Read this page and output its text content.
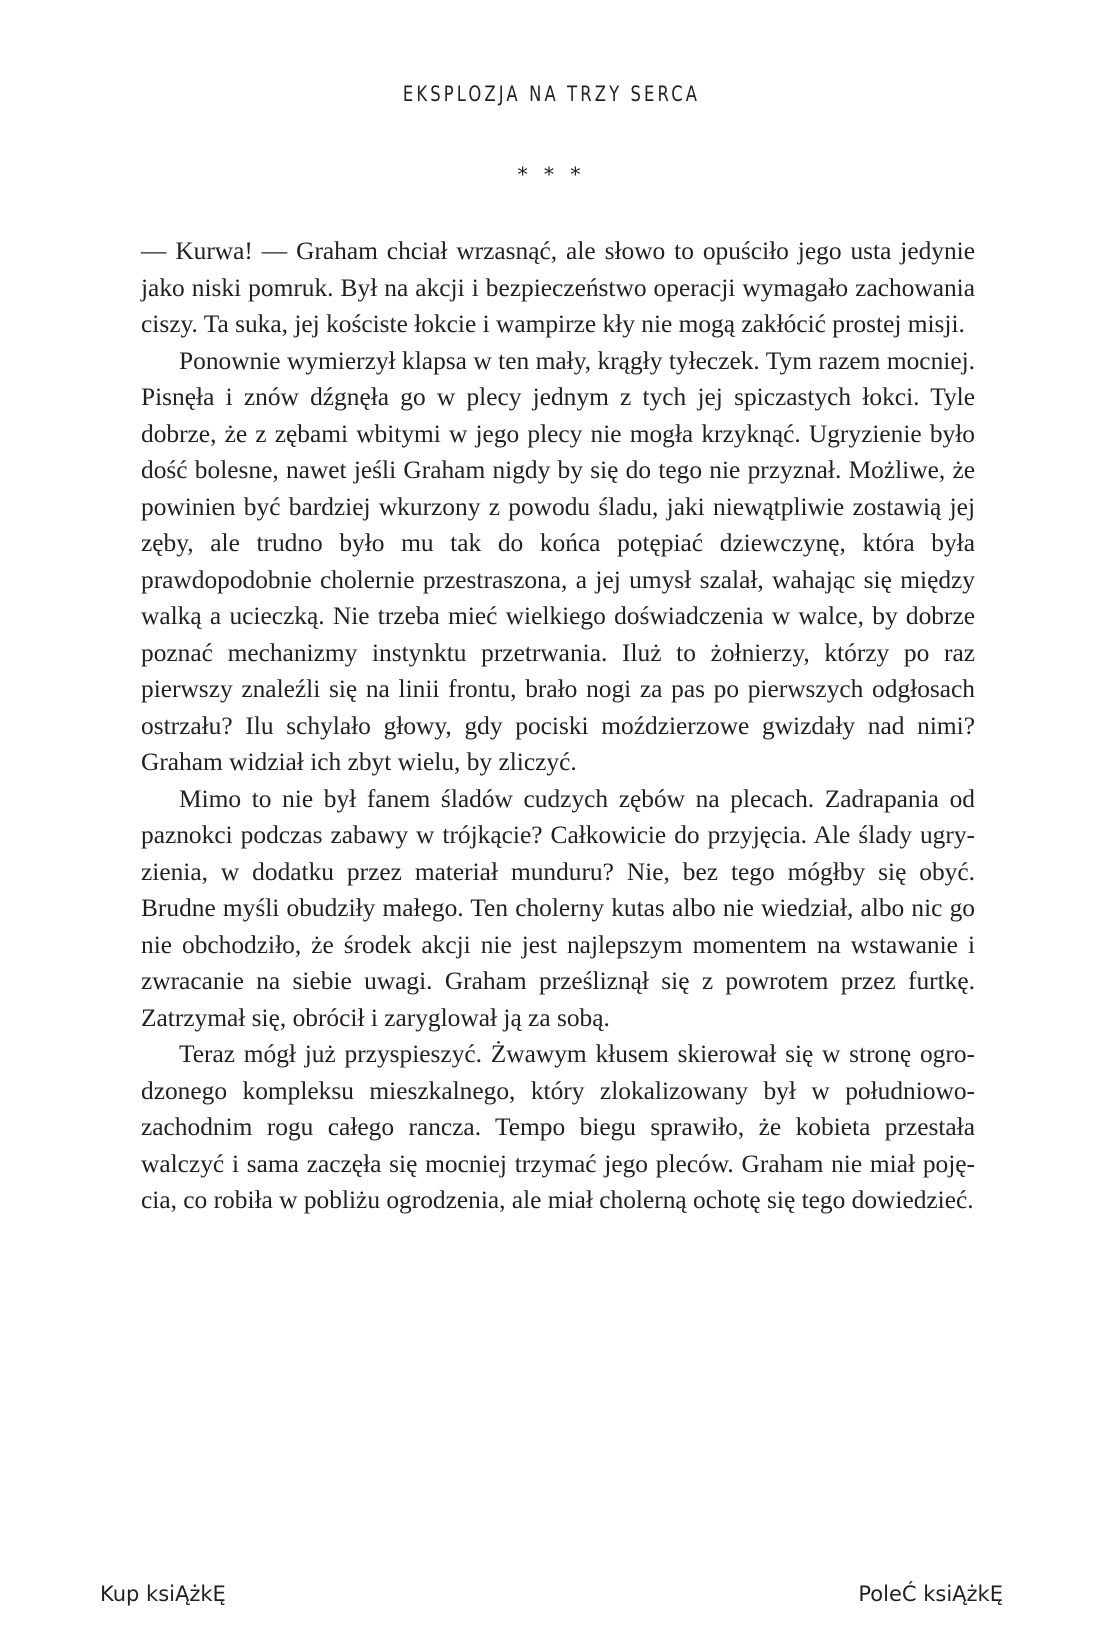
EKSPLOZJA NA TRZY SERCA
* * *

— Kurwa! — Graham chciał wrzasnąć, ale słowo to opuściło jego usta jedynie jako niski pomruk. Był na akcji i bezpieczeństwo operacji wymagało zachowania ciszy. Ta suka, jej kościste łokcie i wampirze kły nie mogą zakłócić prostej misji.

Ponownie wymierzył klapsa w ten mały, krągły tyłeczek. Tym razem mocniej. Pisnęła i znów dźgnęła go w plecy jednym z tych jej spiczastych łokci. Tyle dobrze, że z zębami wbitymi w jego plecy nie mogła krzyknąć. Ugryzienie było dość bolesne, nawet jeśli Graham nigdy by się do tego nie przyznał. Możliwe, że powinien być bardziej wkurzony z powodu śladu, jaki niewątpliwie zostawią jej zęby, ale trudno było mu tak do końca potępiać dziewczynę, która była prawdopodobnie cholernie przestraszona, a jej umysł szalał, wahając się między walką a ucieczką. Nie trzeba mieć wielkiego doświadczenia w walce, by dobrze poznać mechanizmy instynktu przetrwania. Iluż to żołnierzy, którzy po raz pierwszy znaleźli się na linii frontu, brało nogi za pas po pierwszych odgłosach ostrzału? Ilu schylało głowy, gdy pociski moździerzowe gwizdały nad nimi? Graham widział ich zbyt wielu, by zliczyć.

Mimo to nie był fanem śladów cudzych zębów na plecach. Zadrapania od paznokci podczas zabawy w trójkącie? Całkowicie do przyjęcia. Ale ślady ugryzienia, w dodatku przez materiał munduru? Nie, bez tego mógłby się obyć. Brudne myśli obudziły małego. Ten cholerny kutas albo nie wiedział, albo nic go nie obchodziło, że środek akcji nie jest najlepszym momentem na wstawanie i zwracanie na siebie uwagi. Graham prześliznął się z powrotem przez furtkę. Zatrzymał się, obrócił i zaryglował ją za sobą.

Teraz mógł już przyspieszyć. Żwawym kłusem skierował się w stronę ogrodzonego kompleksu mieszkalnego, który zlokalizowany był w południowozachodnim rogu całego rancza. Tempo biegu sprawiło, że kobieta przestała walczyć i sama zaczęła się mocniej trzymać jego pleców. Graham nie miał pojęcia, co robiła w pobliżu ogrodzenia, ale miał cholerną ochotę się tego dowiedzieć.

Kup ksiĄżkĘ	PoleĆ ksiĄżkĘ
